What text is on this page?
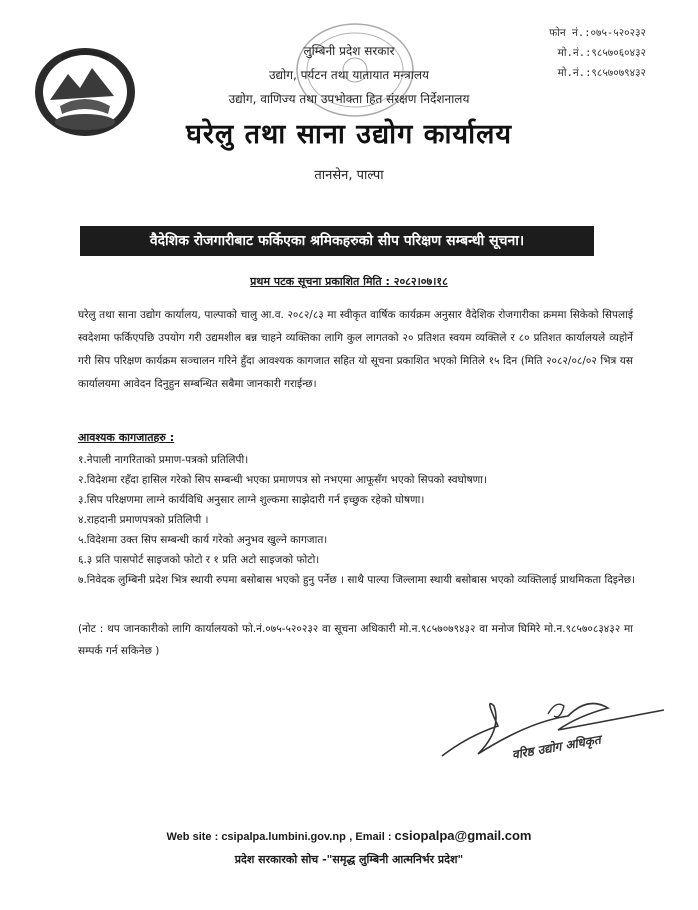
लुम्बिनी प्रदेश सरकार
उद्योग, पर्यटन तथा यातायात मन्त्रालय
उद्योग, वाणिज्य तथा उपभोक्ता हित संरक्षण निर्देशनालय
घरेलु तथा साना उद्योग कार्यालय
तानसेन, पाल्पा
फोन नं.:०७५-५२०२३२
मो.नं.:९८५७०६०४३२
मो.नं.:९८५७०७९४३२
वैदेशिक रोजगारीबाट फर्किएका श्रमिकहरुको सीप परिक्षण सम्बन्धी सूचना।
प्रथम पटक सूचना प्रकाशित मिति : २०८२।०७।१८
घरेलु तथा साना उद्योग कार्यालय, पाल्पाको चालु आ.व. २०८२/८३ मा स्वीकृत वार्षिक कार्यक्रम अनुसार वैदेशिक रोजगारीका क्रममा सिकेको सिपलाई स्वदेशमा फर्किएपछि उपयोग गरी उद्यमशील बन्न चाहने व्यक्तिका लागि कुल लागतको २० प्रतिशत स्वयम व्यक्तिले र ८० प्रतिशत कार्यालयले व्यहोर्ने गरी सिप परिक्षण कार्यक्रम सञ्चालन गरिने हुँदा आवश्यक कागजात सहित यो सूचना प्रकाशित भएको मितिले १५ दिन (मिति २०८२/०८/०२ भित्र यस कार्यालयमा आवेदन दिनुहुन सम्बन्धित सबैमा जानकारी गराईन्छ।
आवश्यक कागजातहरु :
१.नेपाली नागरिताको प्रमाण-पत्रको प्रतिलिपी।
२.विदेशमा रहँदा हासिल गरेको सिप सम्बन्धी भएका प्रमाणपत्र सो नभएमा आफूसँग भएको सिपको स्वघोषणा।
३.सिप परिक्षणमा लाग्ने कार्यविधि अनुसार लाग्ने शुल्कमा साझेदारी गर्न इच्छुक रहेको घोषणा।
४.राहदानी प्रमाणपत्रको प्रतिलिपी ।
५.विदेशमा उक्त सिप सम्बन्धी कार्य गरेको अनुभव खुल्ने कागजात।
६.३ प्रति पासपोर्ट साइजको फोटो र १ प्रति अटो साइजको फोटो।
७.निवेदक लुम्बिनी प्रदेश भित्र स्थायी रुपमा बसोबास भएको हुनु पर्नेछ । साथै पाल्पा जिल्लामा स्थायी बसोबास भएको व्यक्तिलाई प्राथमिकता दिइनेछ।
(नोट : थप जानकारीको लागि कार्यालयको फो.नं.०७५-५२०२३२ वा सूचना अधिकारी मो.न.९८५७०७९४३२ वा मनोज घिमिरे मो.न.९८५७०८३४३२ मा सम्पर्क गर्न सकिनेछ )
वरिष्ठ उद्योग अधिकृत
Web site : csipalpa.lumbini.gov.np , Email : csiopalpa@gmail.com
प्रदेश सरकारको सोच -"समृद्ध लुम्बिनी आत्मनिर्भर प्रदेश"
